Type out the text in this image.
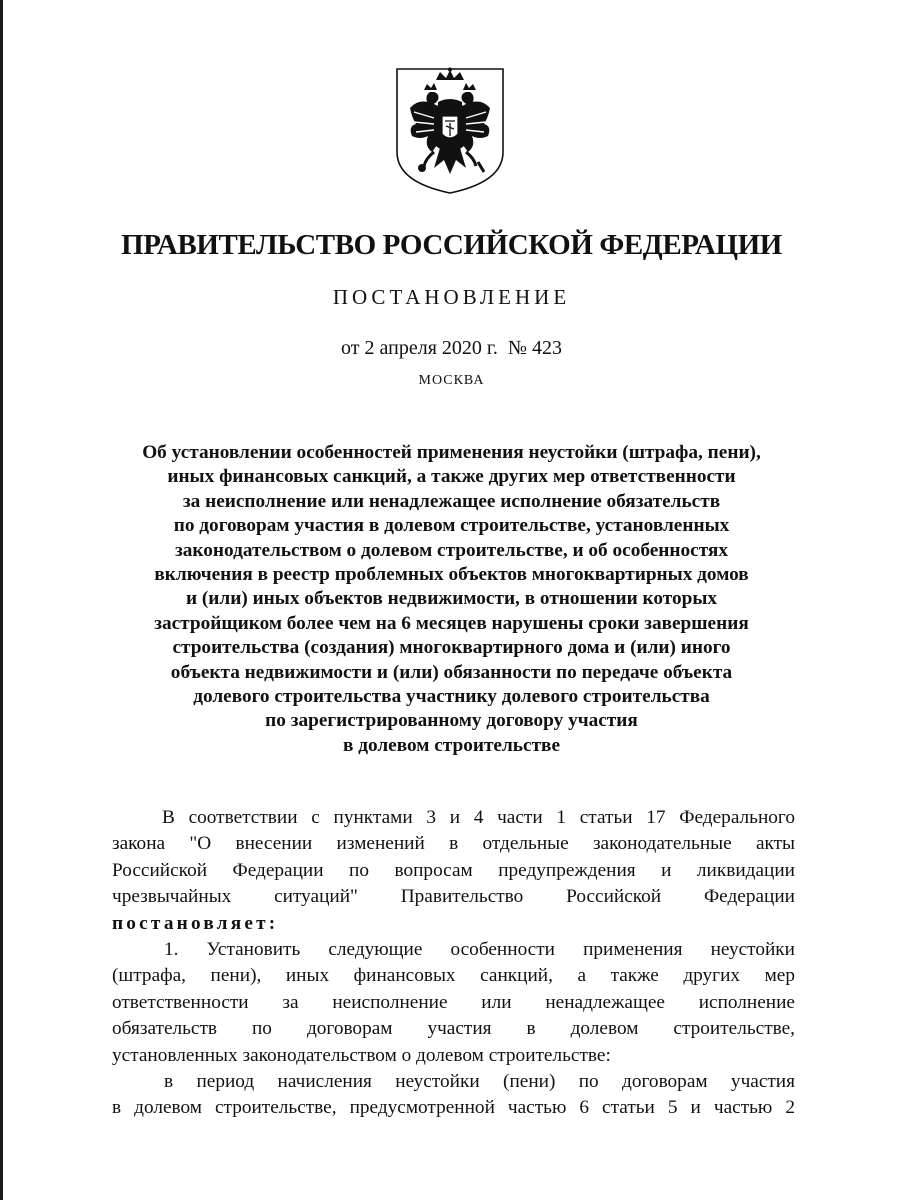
ПРАВИТЕЛЬСТВО РОССИЙСКОЙ ФЕДЕРАЦИИ
ПОСТАНОВЛЕНИЕ
от 2 апреля 2020 г. № 423
МОСКВА
Об установлении особенностей применения неустойки (штрафа, пени),
иных финансовых санкций, а также других мер ответственности
за неисполнение или ненадлежащее исполнение обязательств
по договорам участия в долевом строительстве, установленных
законодательством о долевом строительстве, и об особенностях
включения в реестр проблемных объектов многоквартирных домов
и (или) иных объектов недвижимости, в отношении которых
застройщиком более чем на 6 месяцев нарушены сроки завершения
строительства (создания) многоквартирного дома и (или) иного
объекта недвижимости и (или) обязанности по передаче объекта
долевого строительства участнику долевого строительства
по зарегистрированному договору участия
в долевом строительстве
В соответствии с пунктами 3 и 4 части 1 статьи 17 Федерального
закона "О внесении изменений в отдельные законодательные акты
Российской Федерации по вопросам предупреждения и ликвидации
чрезвычайных ситуаций" Правительство Российской Федерации
постановляет:
1. Установить следующие особенности применения неустойки
(штрафа, пени), иных финансовых санкций, а также других мер
ответственности за неисполнение или ненадлежащее исполнение
обязательств по договорам участия в долевом строительстве,
установленных законодательством о долевом строительстве:
в период начисления неустойки (пени) по договорам участия
в долевом строительстве, предусмотренной частью 6 статьи 5 и частью 2
